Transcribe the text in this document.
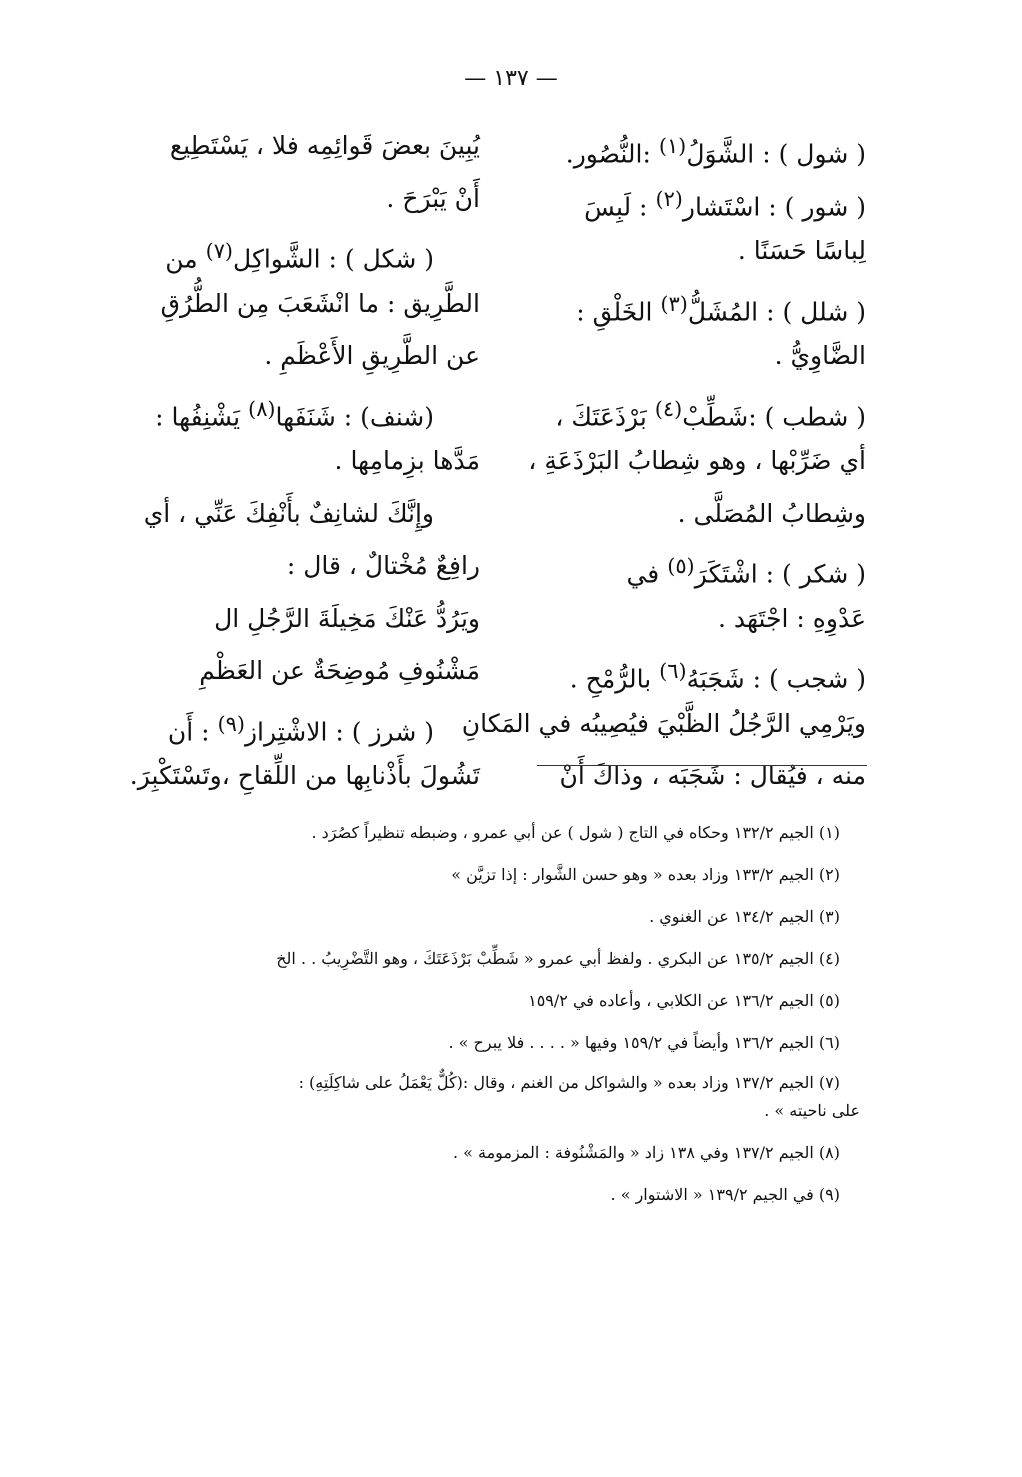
— ١٣٧ —
( شول ) : الشَّوَلُ$^{(١)}$ :النُّصُور.
( شور ) : اسْتَشار$^{(٢)}$ : لَبِسَ
لِباسًا حَسَنًا .
( شلل ) : المُشَلُّ$^{(٣)}$ الخَلْقِ :
الضَّاوِيُّ .
( شطب ) :شَطِّبْ$^{(٤)}$ بَرْذَعَتَكَ ،
أي ضَرِّبْها ، وهو شِطابُ البَرْذَعَةِ ،
وشِطابُ المُصَلَّى .
( شكر ) : اشْتَكَرَ$^{(٥)}$ في
عَدْوِهِ : اجْتَهَد .
( شجب ) : شَجَبَهُ$^{(٦)}$ بالرُّمْحِ .
ويَرْمِي الرَّجُلُ الظَّبْيَ فيُصِيبُه في المَكانِ
منه ، فيُقال : شَجَبَه ، وذاكَ أَنْ
يُبِينَ بعضَ قَوائِمِه فلا ، يَسْتَطِيع
أَنْ يَبْرَحَ .
( شكل ) : الشَّواكِل$^{(٧)}$ من
الطَّرِيق : ما انْشَعَبَ مِن الطُّرُقِ
عن الطَّرِيقِ الأَعْظَمِ .
(شنف) : شَنَفَها$^{(٨)}$ يَشْنِفُها :
مَدَّها بزِمامِها .
وإِنَّكَ لشانِفٌ بأَنْفِكَ عَنِّي ، أي
رافِعٌ مُخْتالٌ ، قال :
ويَرُدُّ عَنْكَ مَخِيلَةَ الرَّجُلِ ال
مَشْنُوفِ مُوضِحَةٌ عن العَظْمِ
( شرز ) : الاشْتِراز$^{(٩)}$ : أَن
تَشُولَ بأَذْنابِها من اللِّقاحِ ،وتَسْتَكْبِرَ.
(١) الجيم ١٣٢/٢ وحكاه في التاج ( شول ) عن أبي عمرو ، وضبطه تنظيراً كصُرَد .
(٢) الجيم ١٣٣/٢ وزاد بعده « وهو حسن الشَّوار : إذا تزيَّن »
(٣) الجيم ١٣٤/٢ عن الغنوي .
(٤) الجيم ١٣٥/٢ عن البكري . ولفظ أبي عمرو « شَطِّبْ بَرْذَعَتَكَ ، وهو التَّضْرِيبُ . . الخ
(٥) الجيم ١٣٦/٢ عن الكلابي ، وأعاده في ١٥٩/٢
(٦) الجيم ١٣٦/٢ وأيضاً في ١٥٩/٢ وفيها « . . . . فلا يبرح » .
(٧) الجيم ١٣٧/٢ وزاد بعده « والشواكل من الغنم ، وقال :(كُلٌّ يَعْمَلُ على شاكِلَتِهِ) :
على ناحيته » .
(٨) الجيم ١٣٧/٢ وفي ١٣٨ زاد « والمَشْنُوفة : المزمومة » .
(٩) في الجيم ١٣٩/٢ « الاشتوار » .
